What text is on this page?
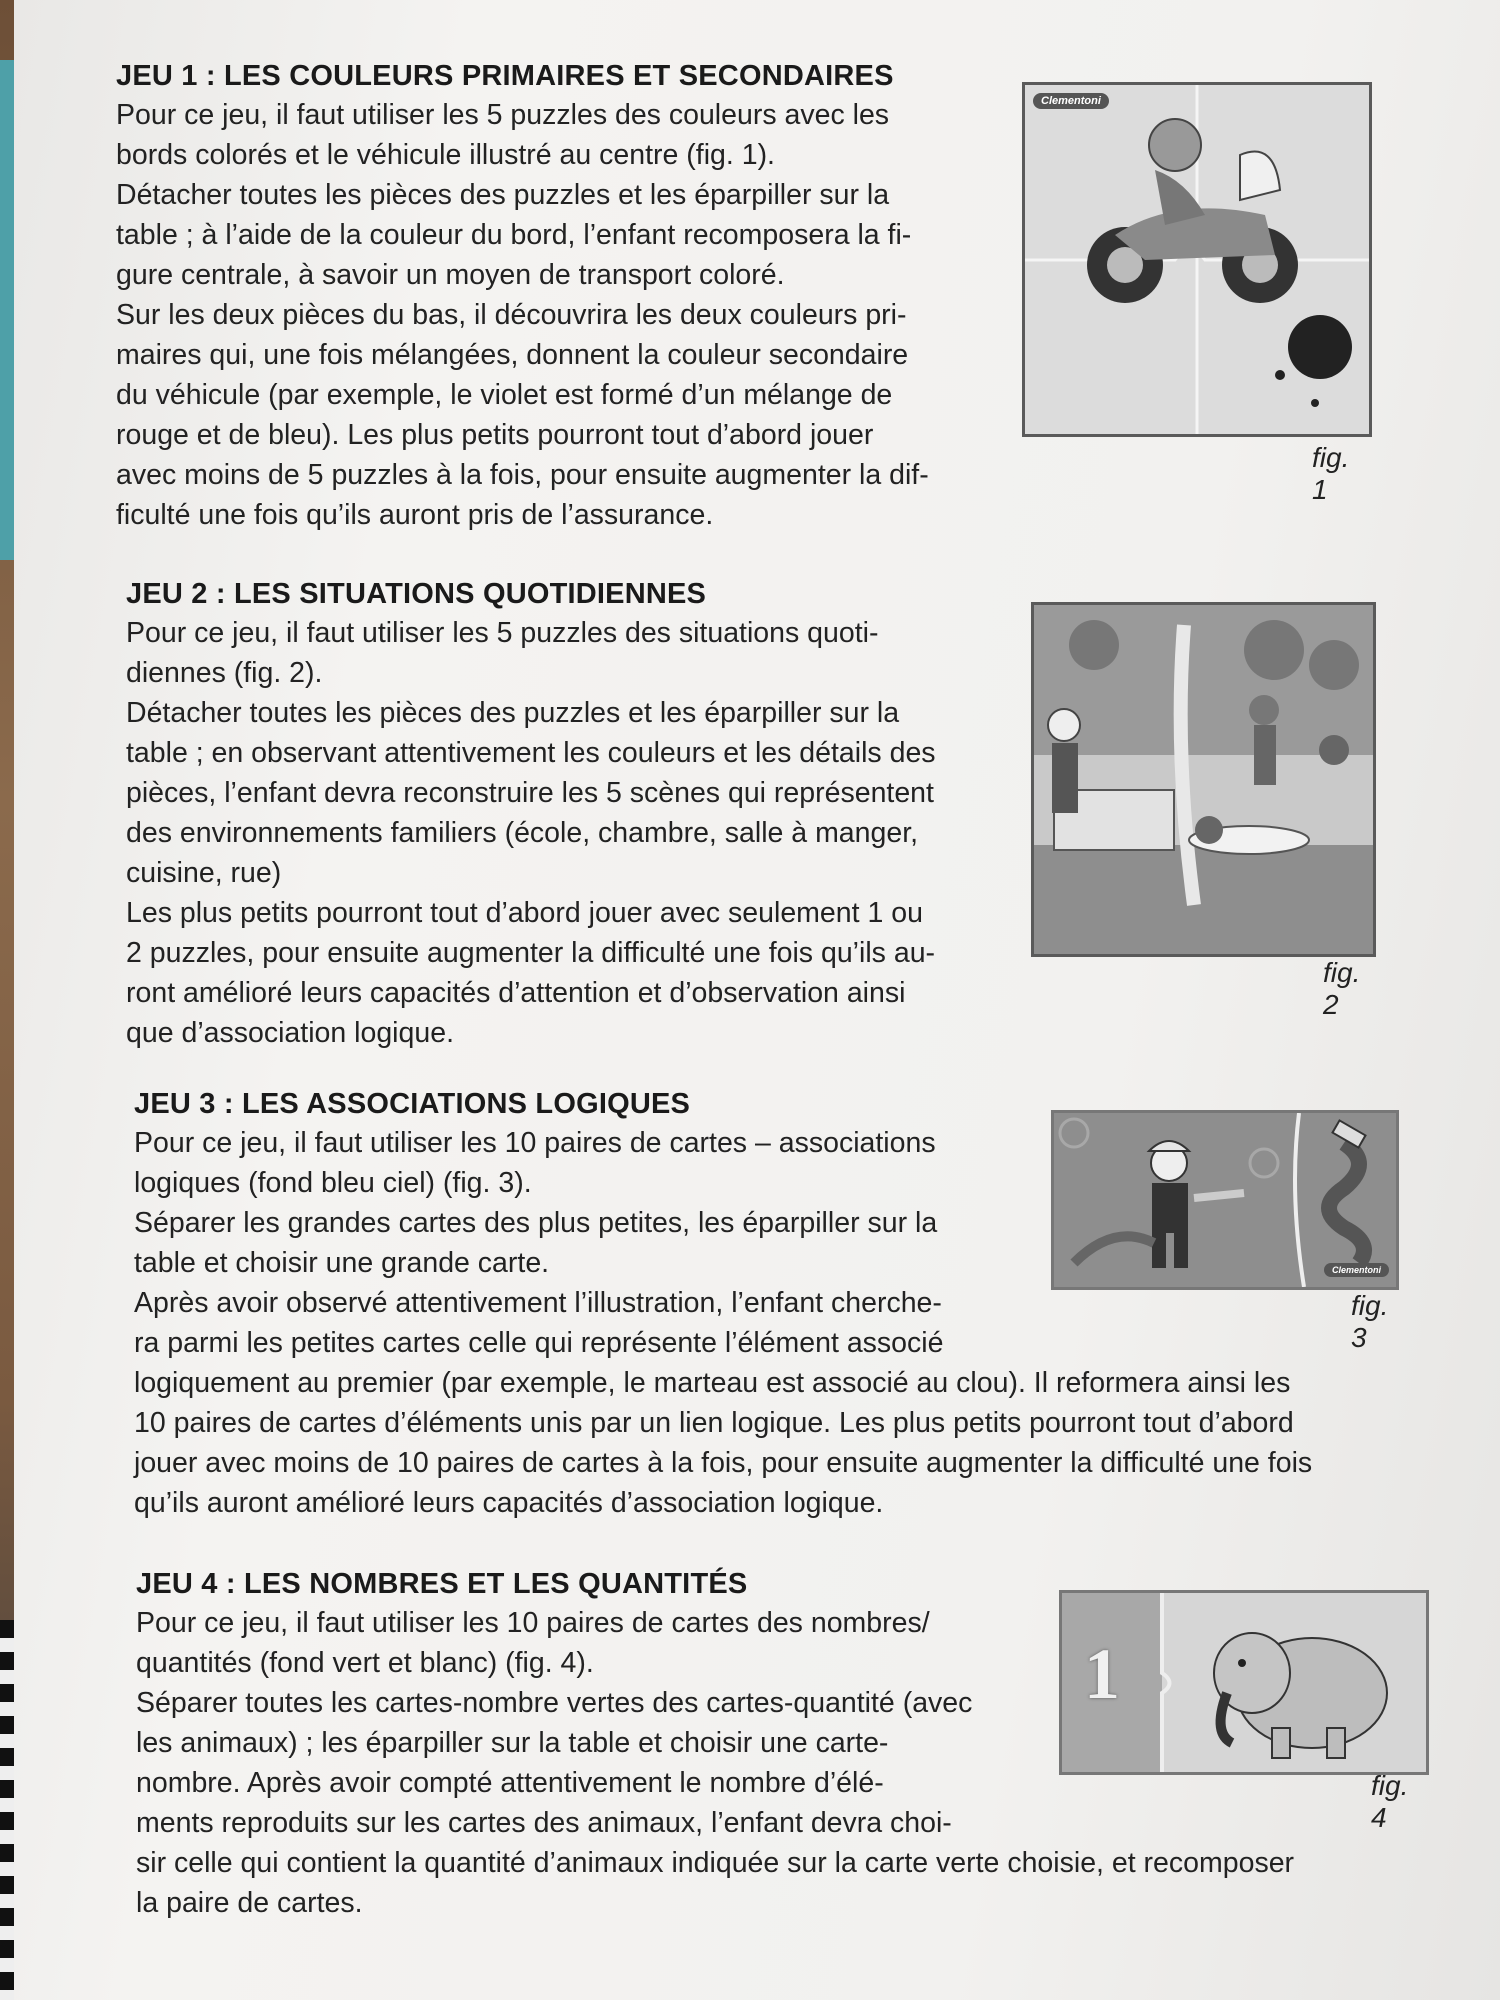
JEU 1 : LES COULEURS PRIMAIRES ET SECONDAIRES
Pour ce jeu, il faut utiliser les 5 puzzles des couleurs avec les
bords colorés et le véhicule illustré au centre (fig. 1).
Détacher toutes les pièces des puzzles et les éparpiller sur la
table ; à l’aide de la couleur du bord, l’enfant recomposera la fi-
gure centrale, à savoir un moyen de transport coloré.
Sur les deux pièces du bas, il découvrira les deux couleurs pri-
maires qui, une fois mélangées, donnent la couleur secondaire
du véhicule (par exemple, le violet est formé d’un mélange de
rouge et de bleu). Les plus petits pourront tout d’abord jouer
avec moins de 5 puzzles à la fois, pour ensuite augmenter la dif-
ficulté une fois qu’ils auront pris de l’assurance.
Clementoni
fig. 1
JEU 2 : LES SITUATIONS QUOTIDIENNES
Pour ce jeu, il faut utiliser les 5 puzzles des situations quoti-
diennes (fig. 2).
Détacher toutes les pièces des puzzles et les éparpiller sur la
table ; en observant attentivement les couleurs et les détails des
pièces, l’enfant devra reconstruire les 5 scènes qui représentent
des environnements familiers (école, chambre, salle à manger,
cuisine, rue)
Les plus petits pourront tout d’abord jouer avec seulement 1 ou
2 puzzles, pour ensuite augmenter la difficulté une fois qu’ils au-
ront amélioré leurs capacités d’attention et d’observation ainsi
que d’association logique.
fig. 2
JEU 3 : LES ASSOCIATIONS LOGIQUES
Pour ce jeu, il faut utiliser les 10 paires de cartes – associations
logiques (fond bleu ciel) (fig. 3).
Séparer les grandes cartes des plus petites, les éparpiller sur la
table et choisir une grande carte.
Après avoir observé attentivement l’illustration, l’enfant cherche-
ra parmi les petites cartes celle qui représente l’élément associé
logiquement au premier (par exemple, le marteau est associé au clou). Il reformera ainsi les
10 paires de cartes d’éléments unis par un lien logique. Les plus petits pourront tout d’abord
jouer avec moins de 10 paires de cartes à la fois, pour ensuite augmenter la difficulté une fois
qu’ils auront amélioré leurs capacités d’association logique.
Clementoni
fig. 3
JEU 4 : LES NOMBRES ET LES QUANTITÉS
Pour ce jeu, il faut utiliser les 10 paires de cartes des nombres/
quantités (fond vert et blanc) (fig. 4).
Séparer toutes les cartes-nombre vertes des cartes-quantité (avec
les animaux) ; les éparpiller sur la table et choisir une carte-
nombre. Après avoir compté attentivement le nombre d’élé-
ments reproduits sur les cartes des animaux, l’enfant devra choi-
sir celle qui contient la quantité d’animaux indiquée sur la carte verte choisie, et recomposer
la paire de cartes.
1
fig. 4
